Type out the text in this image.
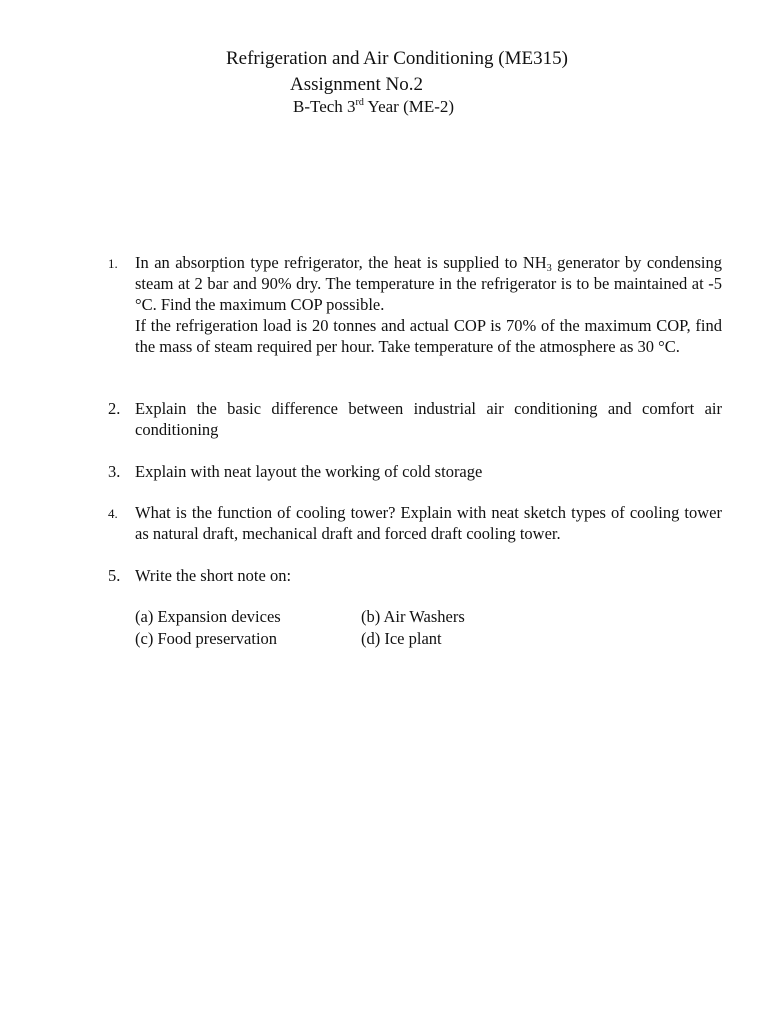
Refrigeration and Air Conditioning (ME315)
Assignment No.2
B-Tech 3rd Year (ME-2)
1. In an absorption type refrigerator, the heat is supplied to $NH_3$ generator by condensing steam at 2 bar and 90% dry. The temperature in the refrigerator is to be maintained at -5 °C. Find the maximum COP possible.

If the refrigeration load is 20 tonnes and actual COP is 70% of the maximum COP, find the mass of steam required per hour. Take temperature of the atmosphere as 30 °C.

2. Explain the basic difference between industrial air conditioning and comfort air conditioning
3. Explain with neat layout the working of cold storage
4. What is the function of cooling tower? Explain with neat sketch types of cooling tower as natural draft, mechanical draft and forced draft cooling tower.
5. Write the short note on:
(a) Expansion devices	(b) Air Washers
(c) Food preservation	(d) Ice plant
